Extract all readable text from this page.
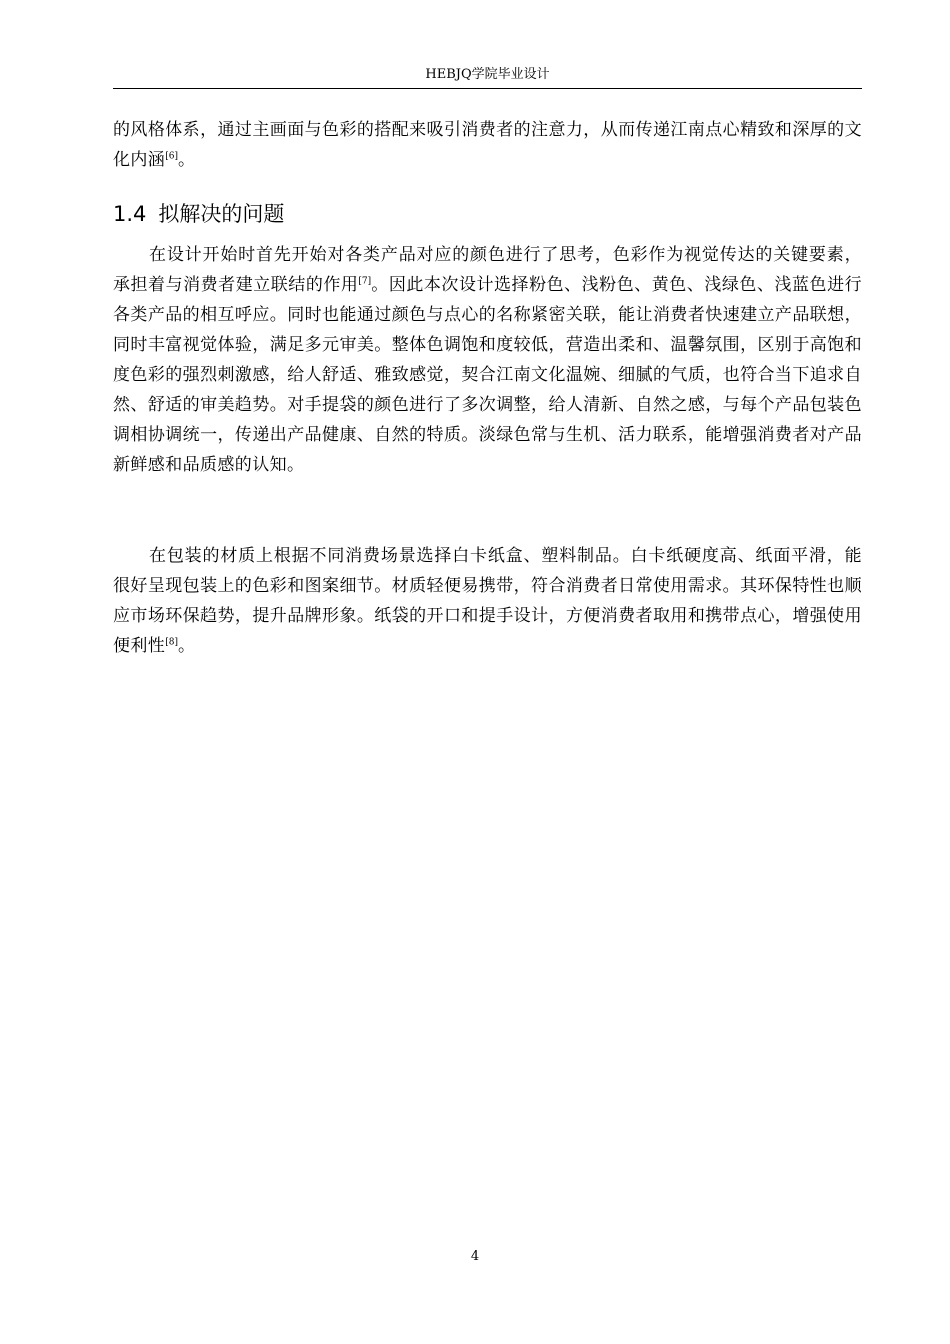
HEBJQ学院毕业设计

的风格体系，通过主画面与色彩的搭配来吸引消费者的注意力，从而传递江南点心精致和深厚的文化内涵[6]。

1.4 拟解决的问题

在设计开始时首先开始对各类产品对应的颜色进行了思考，色彩作为视觉传达的关键要素，承担着与消费者建立联结的作用[7]。因此本次设计选择粉色、浅粉色、黄色、浅绿色、浅蓝色进行各类产品的相互呼应。同时也能通过颜色与点心的名称紧密关联，能让消费者快速建立产品联想，同时丰富视觉体验，满足多元审美。整体色调饱和度较低，营造出柔和、温馨氛围，区别于高饱和度色彩的强烈刺激感，给人舒适、雅致感觉，契合江南文化温婉、细腻的气质，也符合当下追求自然、舒适的审美趋势。对手提袋的颜色进行了多次调整，给人清新、自然之感，与每个产品包装色调相协调统一，传递出产品健康、自然的特质。淡绿色常与生机、活力联系，能增强消费者对产品新鲜感和品质感的认知。

在包装的材质上根据不同消费场景选择白卡纸盒、塑料制品。白卡纸硬度高、纸面平滑，能很好呈现包装上的色彩和图案细节。材质轻便易携带，符合消费者日常使用需求。其环保特性也顺应市场环保趋势，提升品牌形象。纸袋的开口和提手设计，方便消费者取用和携带点心，增强使用便利性[8]。

4
